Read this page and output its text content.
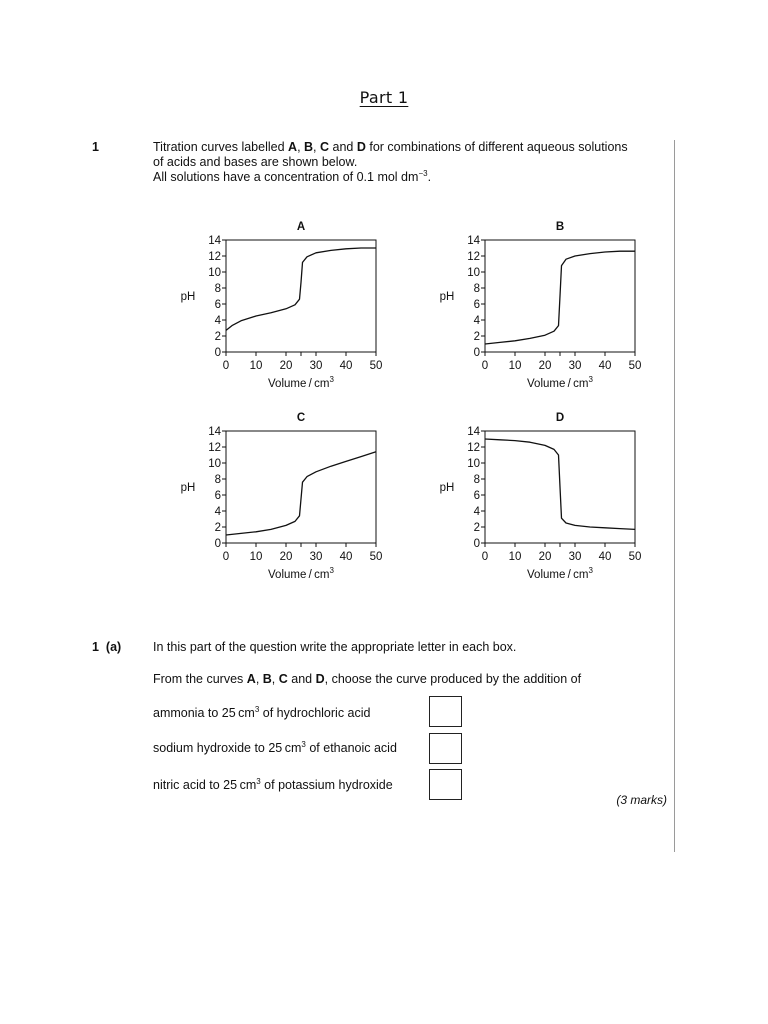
Part 1
1	Titration curves labelled A, B, C and D for combinations of different aqueous solutions
of acids and bases are shown below.
All solutions have a concentration of 0.1 mol $dm^{-3}$.
A
0
2
4
6
8
10
12
14
0 10 20 30 40 50
pH
Volume / $cm^3$
B
0
2
4
6
8
10
12
14
0 10 20 30 40 50
pH
Volume / $cm^3$
C
0
2
4
6
8
10
12
14
0 10 20 30 40 50
pH
Volume / $cm^3$
D
0
2
4
6
8
10
12
14
0 10 20 30 40 50
pH
Volume / $cm^3$
1 (a)	In this part of the question write the appropriate letter in each box.
From the curves A, B, C and D, choose the curve produced by the addition of
ammonia to 25 $cm^3$ of hydrochloric acid
sodium hydroxide to 25 $cm^3$ of ethanoic acid
nitric acid to 25 $cm^3$ of potassium hydroxide
(3 marks)
